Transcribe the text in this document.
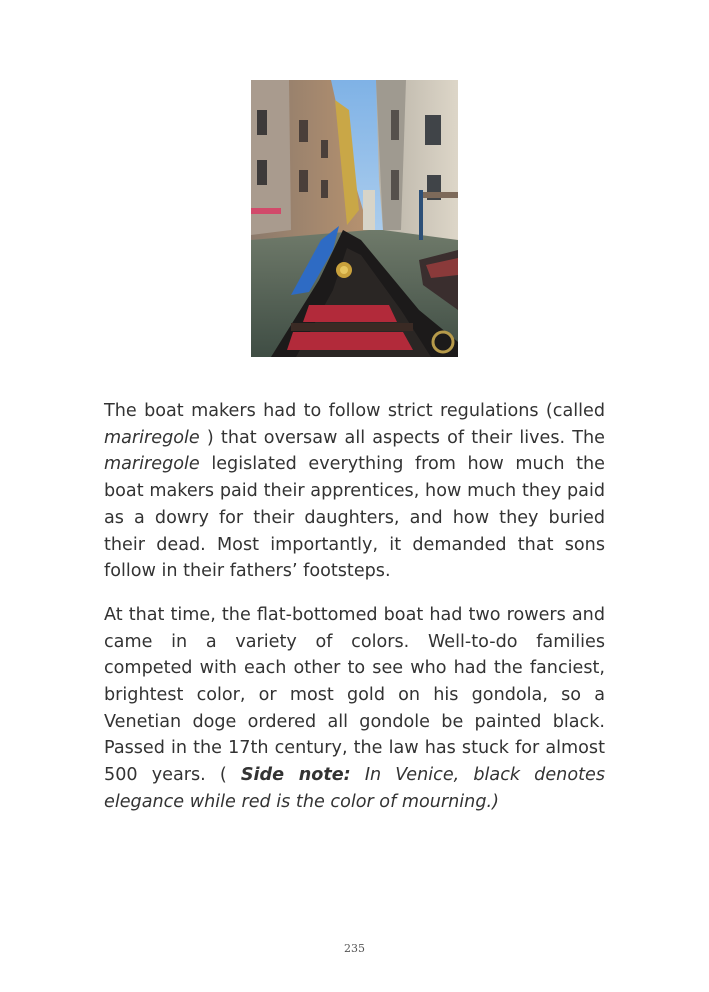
The boat makers had to follow strict regulations (called mariregole ) that oversaw all aspects of their lives. The mariregole legislated everything from how much the boat makers paid their apprentices, how much they paid as a dowry for their daughters, and how they buried their dead. Most importantly, it demanded that sons follow in their fathers’ footsteps.

At that time, the flat-bottomed boat had two rowers and came in a variety of colors. Well-to-do families competed with each other to see who had the fanciest, brightest color, or most gold on his gondola, so a Venetian doge ordered all gondole be painted black. Passed in the 17th century, the law has stuck for almost 500 years. ( Side note: In Venice, black denotes elegance while red is the color of mourning.)

235
